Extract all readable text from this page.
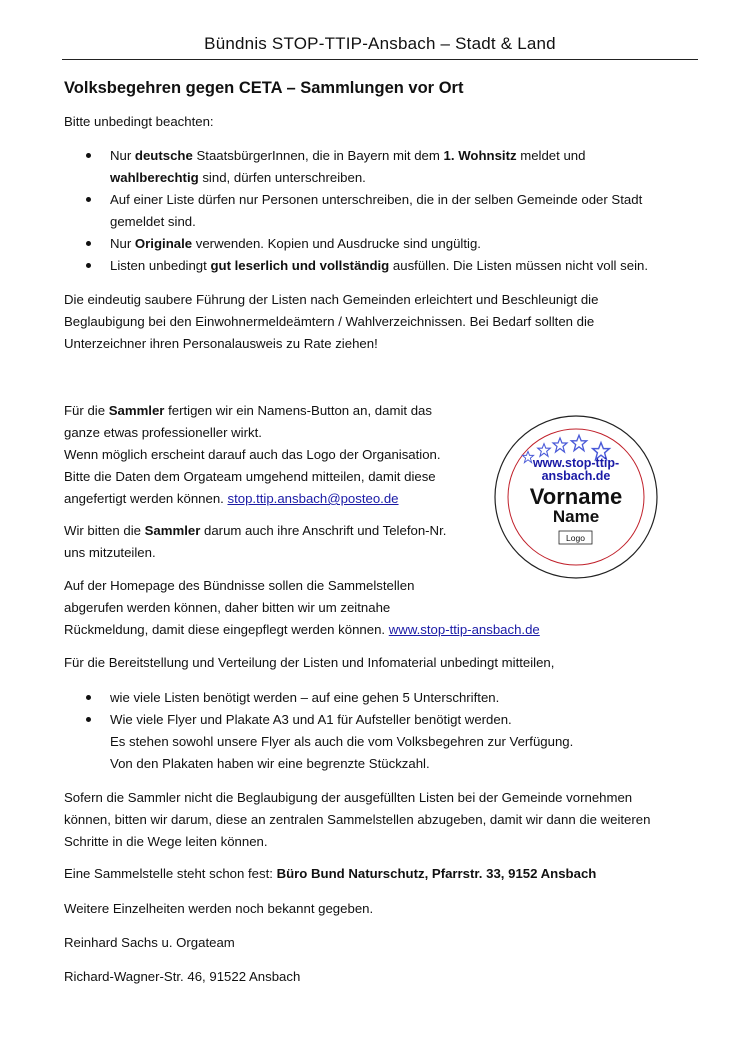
Bündnis STOP-TTIP-Ansbach – Stadt & Land
Volksbegehren gegen CETA – Sammlungen vor Ort

Bitte unbedingt beachten:

Nur deutsche StaatsbürgerInnen, die in Bayern mit dem 1. Wohnsitz meldet und
wahlberechtig sind, dürfen unterschreiben.

Auf einer Liste dürfen nur Personen unterschreiben, die in der selben Gemeinde oder Stadt
gemeldet sind.

Nur Originale verwenden. Kopien und Ausdrucke sind ungültig.

Listen unbedingt gut leserlich und vollständig ausfüllen. Die Listen müssen nicht voll sein.

Die eindeutig saubere Führung der Listen nach Gemeinden erleichtert und Beschleunigt die
Beglaubigung bei den Einwohnermeldeämtern / Wahlverzeichnissen. Bei Bedarf sollten die
Unterzeichner ihren Personalausweis zu Rate ziehen!

Für die Sammler fertigen wir ein Namens-Button an, damit das
ganze etwas professioneller wirkt.
Wenn möglich erscheint darauf auch das Logo der Organisation.
Bitte die Daten dem Orgateam umgehend mitteilen, damit diese
angefertigt werden können. stop.ttip.ansbach@posteo.de

Wir bitten die Sammler darum auch ihre Anschrift und Telefon-Nr.
uns mitzuteilen.

Auf der Homepage des Bündnisse sollen die Sammelstellen
abgerufen werden können, daher bitten wir um zeitnahe
Rückmeldung, damit diese eingepflegt werden können. www.stop-ttip-ansbach.de

Für die Bereitstellung und Verteilung der Listen und Infomaterial unbedingt mitteilen,

wie viele Listen benötigt werden – auf eine gehen 5 Unterschriften.

Wie viele Flyer und Plakate A3 und A1 für Aufsteller benötigt werden.
Es stehen sowohl unsere Flyer als auch die vom Volksbegehren zur Verfügung.
Von den Plakaten haben wir eine begrenzte Stückzahl.

Sofern die Sammler nicht die Beglaubigung der ausgefüllten Listen bei der Gemeinde vornehmen
können, bitten wir darum, diese an zentralen Sammelstellen abzugeben, damit wir dann die weiteren
Schritte in die Wege leiten können.

Eine Sammelstelle steht schon fest: Büro Bund Naturschutz, Pfarrstr. 33, 9152 Ansbach

Weitere Einzelheiten werden noch bekannt gegeben.

Reinhard Sachs u. Orgateam

Richard-Wagner-Str. 46, 91522 Ansbach

www.stop-ttip-
ansbach.de
Vorname
Name
Logo
